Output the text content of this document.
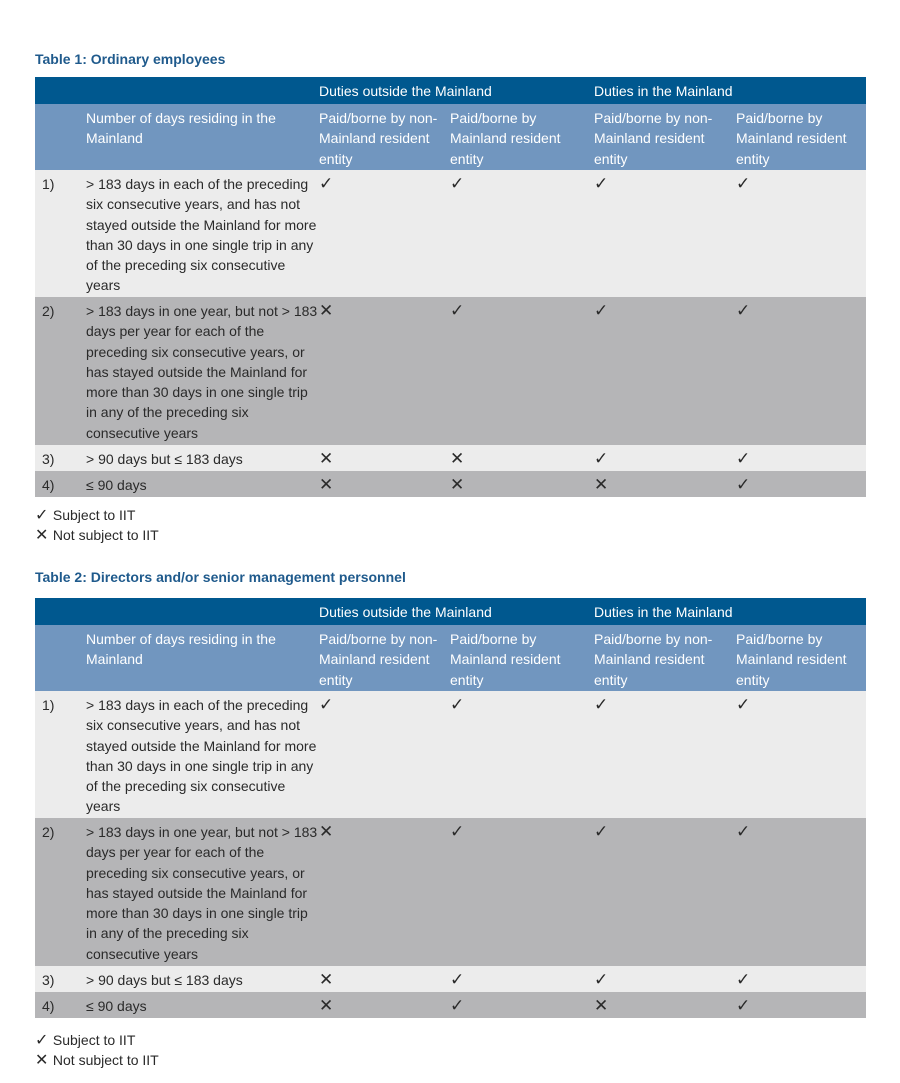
Table 1: Ordinary employees
		Duties outside the Mainland		Duties in the Mainland	
	Number of days residing in the Mainland	Paid/borne by non-Mainland resident entity	Paid/borne by Mainland resident entity	Paid/borne by non-Mainland resident entity	Paid/borne by Mainland resident entity
1)	> 183 days in each of the preceding six consecutive years, and has not stayed outside the Mainland for more than 30 days in one single trip in any of the preceding six consecutive years	✓	✓	✓	✓
2)	> 183 days in one year, but not > 183 days per year for each of the preceding six consecutive years, or has stayed outside the Mainland for more than 30 days in one single trip in any of the preceding six consecutive years	✕	✓	✓	✓
3)	> 90 days but ≤ 183 days	✕	✕	✓	✓
4)	≤ 90 days	✕	✕	✕	✓
✓ Subject to IIT
✕ Not subject to IIT
Table 2: Directors and/or senior management personnel
		Duties outside the Mainland		Duties in the Mainland	
	Number of days residing in the Mainland	Paid/borne by non-Mainland resident entity	Paid/borne by Mainland resident entity	Paid/borne by non-Mainland resident entity	Paid/borne by Mainland resident entity
1)	> 183 days in each of the preceding six consecutive years, and has not stayed outside the Mainland for more than 30 days in one single trip in any of the preceding six consecutive years	✓	✓	✓	✓
2)	> 183 days in one year, but not > 183 days per year for each of the preceding six consecutive years, or has stayed outside the Mainland for more than 30 days in one single trip in any of the preceding six consecutive years	✕	✓	✓	✓
3)	> 90 days but ≤ 183 days	✕	✓	✓	✓
4)	≤ 90 days	✕	✓	✕	✓
✓ Subject to IIT
✕ Not subject to IIT
